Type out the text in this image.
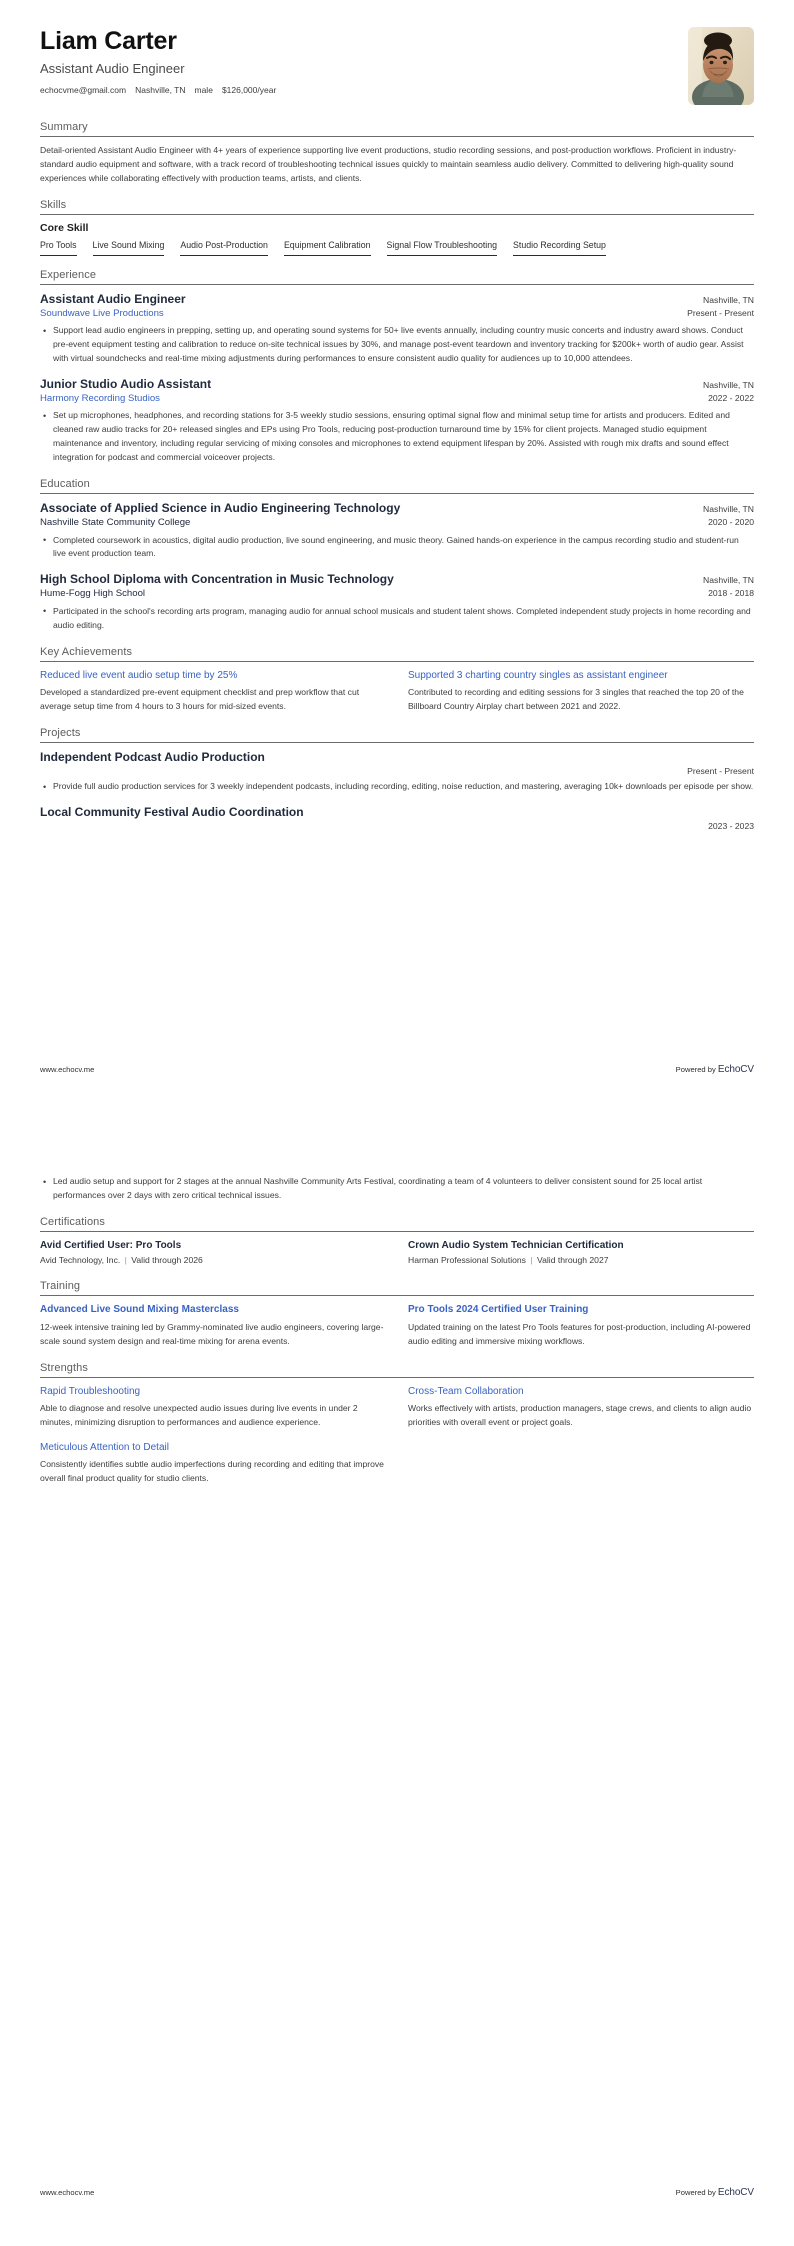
Liam Carter
Assistant Audio Engineer
echocvme@gmail.com Nashville, TN male $126,000/year
Summary

Detail-oriented Assistant Audio Engineer with 4+ years of experience supporting live event productions, studio recording sessions, and post-production workflows. Proficient in industry-standard audio equipment and software, with a track record of troubleshooting technical issues quickly to maintain seamless audio delivery. Committed to delivering high-quality sound experiences while collaborating effectively with production teams, artists, and clients.

Skills
Core Skill
Pro Tools Live Sound Mixing Audio Post-Production Equipment Calibration Signal Flow Troubleshooting Studio Recording Setup
Experience
Assistant Audio Engineer	Nashville, TN
Soundwave Live Productions	Present - Present
• Support lead audio engineers in prepping, setting up, and operating sound systems for 50+ live events annually, including country music concerts and industry award shows. Conduct pre-event equipment testing and calibration to reduce on-site technical issues by 30%, and manage post-event teardown and inventory tracking for $200k+ worth of audio gear. Assist with virtual soundchecks and real-time mixing adjustments during performances to ensure consistent audio quality for audiences up to 10,000 attendees.
Junior Studio Audio Assistant	Nashville, TN
Harmony Recording Studios	2022 - 2022
• Set up microphones, headphones, and recording stations for 3-5 weekly studio sessions, ensuring optimal signal flow and minimal setup time for artists and producers. Edited and cleaned raw audio tracks for 20+ released singles and EPs using Pro Tools, reducing post-production turnaround time by 15% for client projects. Managed studio equipment maintenance and inventory, including regular servicing of mixing consoles and microphones to extend equipment lifespan by 20%. Assisted with rough mix drafts and sound effect integration for podcast and commercial voiceover projects.
Education
Associate of Applied Science in Audio Engineering Technology	Nashville, TN
Nashville State Community College	2020 - 2020
• Completed coursework in acoustics, digital audio production, live sound engineering, and music theory. Gained hands-on experience in the campus recording studio and student-run live event production team.
High School Diploma with Concentration in Music Technology	Nashville, TN
Hume-Fogg High School	2018 - 2018
• Participated in the school's recording arts program, managing audio for annual school musicals and student talent shows. Completed independent study projects in home recording and audio editing.
Key Achievements
Reduced live event audio setup time by 25%
Developed a standardized pre-event equipment checklist and prep workflow that cut average setup time from 4 hours to 3 hours for mid-sized events.
Supported 3 charting country singles as assistant engineer
Contributed to recording and editing sessions for 3 singles that reached the top 20 of the Billboard Country Airplay chart between 2021 and 2022.
Projects
Independent Podcast Audio Production
Present - Present
• Provide full audio production services for 3 weekly independent podcasts, including recording, editing, noise reduction, and mastering, averaging 10k+ downloads per episode per show.
Local Community Festival Audio Coordination
2023 - 2023
www.echocv.me	Powered by EchoCV
• Led audio setup and support for 2 stages at the annual Nashville Community Arts Festival, coordinating a team of 4 volunteers to deliver consistent sound for 25 local artist performances over 2 days with zero critical technical issues.
Certifications
Avid Certified User: Pro Tools
Avid Technology, Inc. | Valid through 2026
Crown Audio System Technician Certification
Harman Professional Solutions | Valid through 2027
Training
Advanced Live Sound Mixing Masterclass
12-week intensive training led by Grammy-nominated live audio engineers, covering large-scale sound system design and real-time mixing for arena events.
Pro Tools 2024 Certified User Training
Updated training on the latest Pro Tools features for post-production, including AI-powered audio editing and immersive mixing workflows.
Strengths
Rapid Troubleshooting
Able to diagnose and resolve unexpected audio issues during live events in under 2 minutes, minimizing disruption to performances and audience experience.
Cross-Team Collaboration
Works effectively with artists, production managers, stage crews, and clients to align audio priorities with overall event or project goals.
Meticulous Attention to Detail
Consistently identifies subtle audio imperfections during recording and editing that improve overall final product quality for studio clients.
www.echocv.me	Powered by EchoCV
